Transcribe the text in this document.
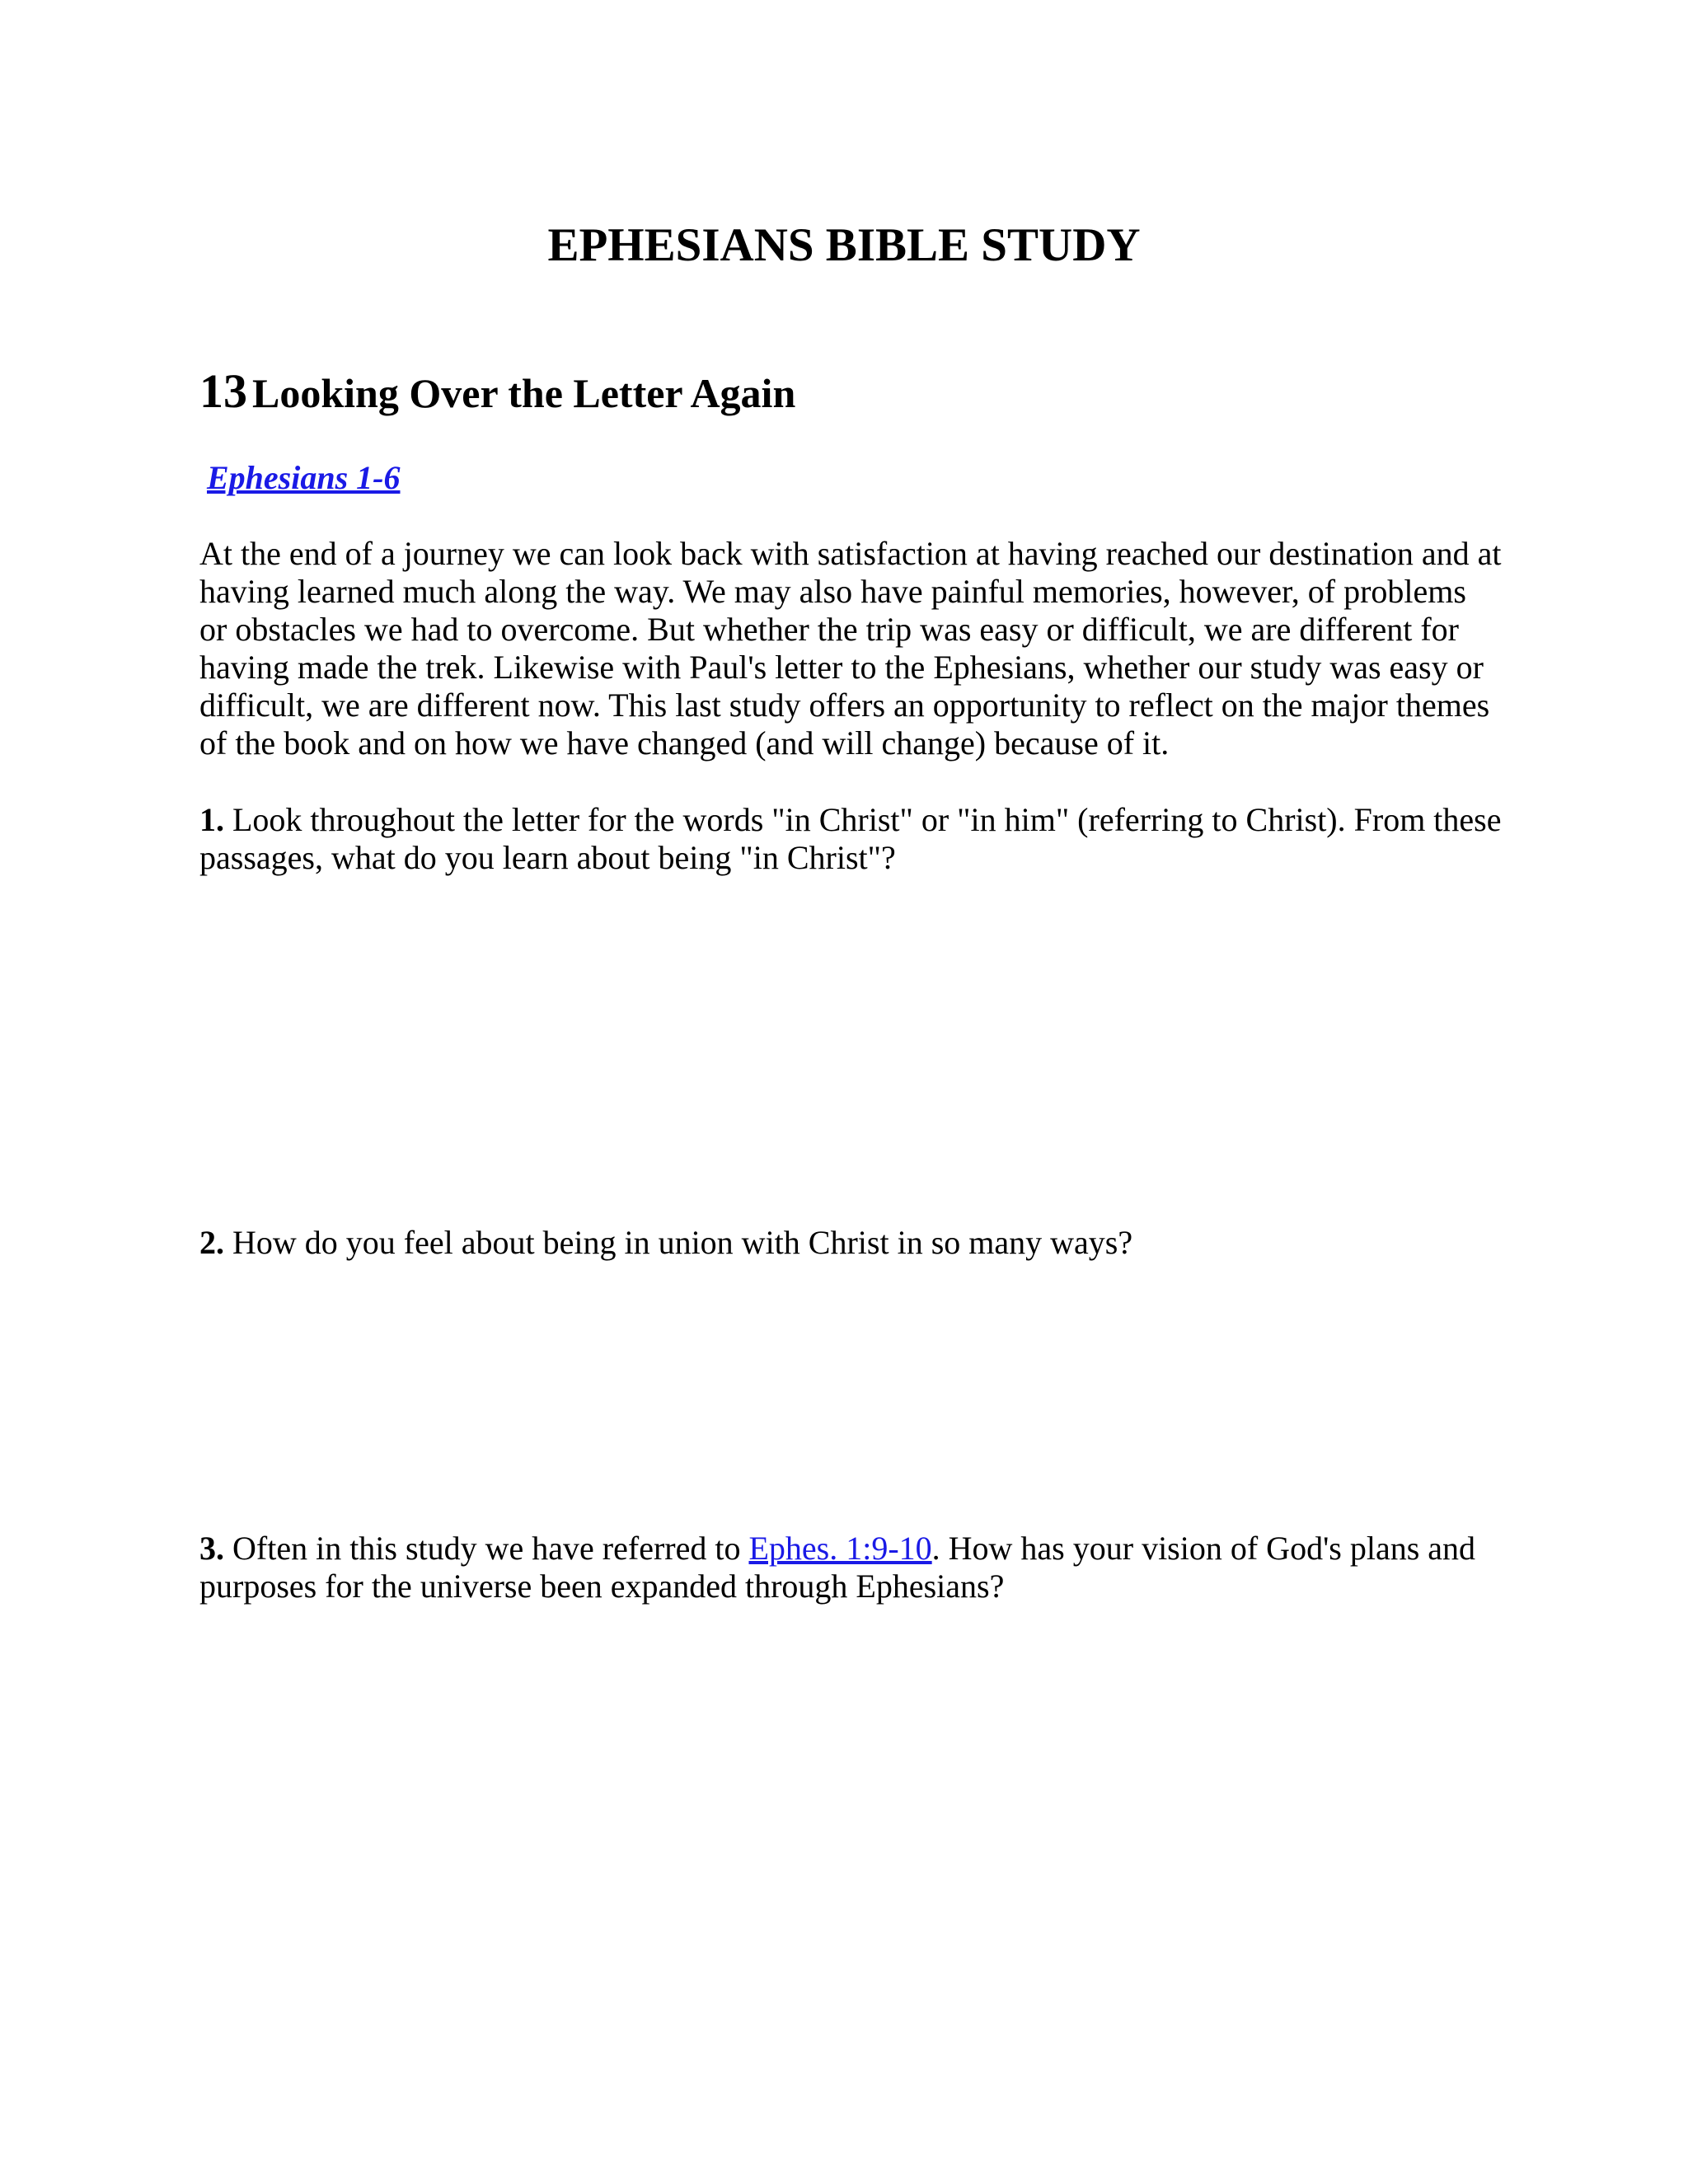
EPHESIANS BIBLE STUDY
13 Looking Over the Letter Again
Ephesians 1-6

At the end of a journey we can look back with satisfaction at having reached our destination and at having learned much along the way. We may also have painful memories, however, of problems or obstacles we had to overcome. But whether the trip was easy or difficult, we are different for having made the trek. Likewise with Paul's letter to the Ephesians, whether our study was easy or difficult, we are different now. This last study offers an opportunity to reflect on the major themes of the book and on how we have changed (and will change) because of it.

1. Look throughout the letter for the words "in Christ" or "in him" (referring to Christ). From these passages, what do you learn about being "in Christ"?

2. How do you feel about being in union with Christ in so many ways?

3. Often in this study we have referred to Ephes. 1:9-10. How has your vision of God's plans and purposes for the universe been expanded through Ephesians?
